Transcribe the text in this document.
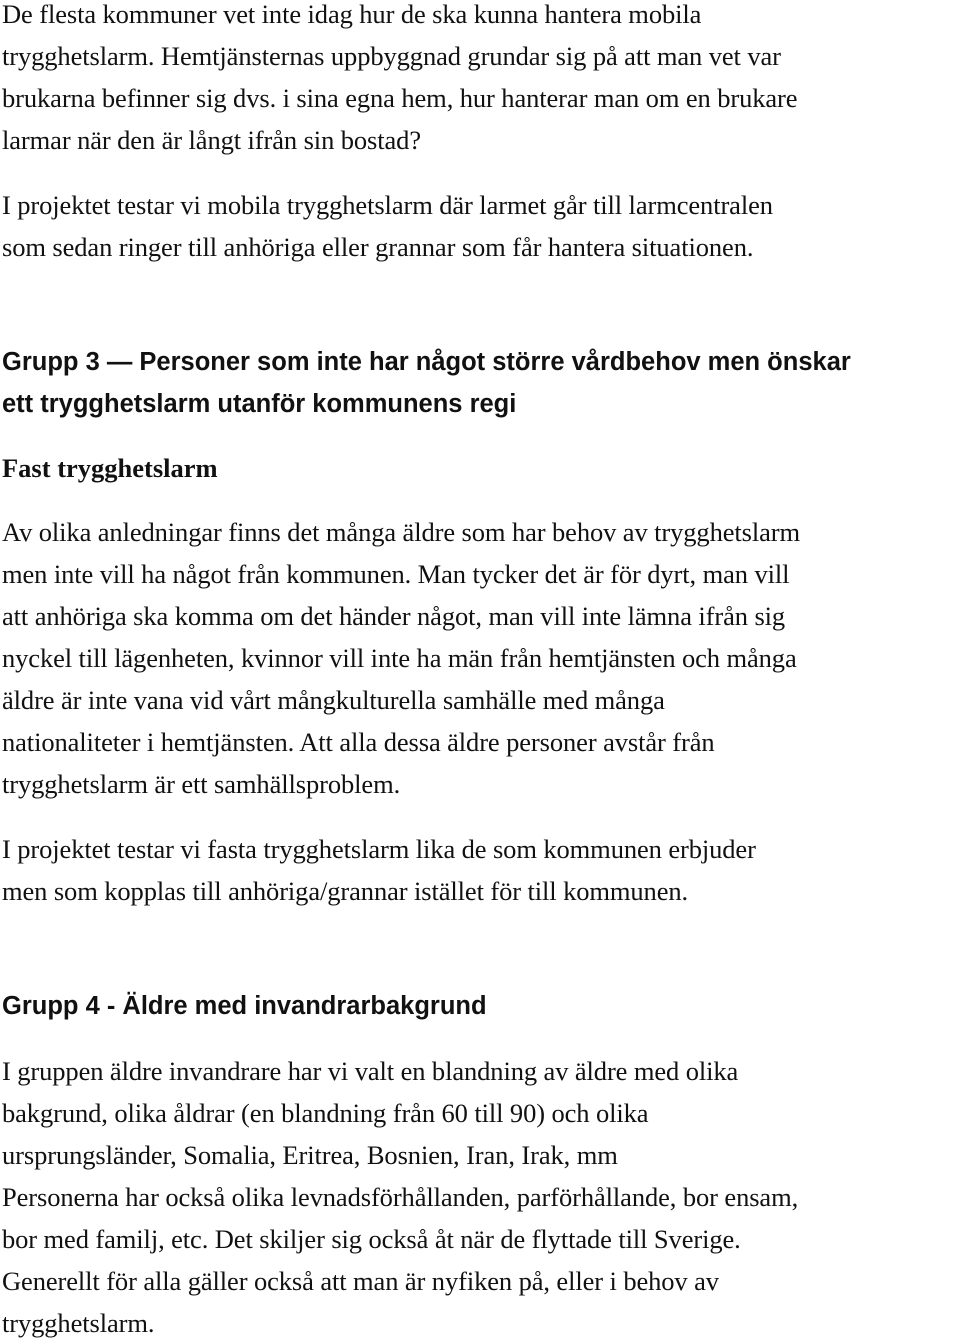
De flesta kommuner vet inte idag hur de ska kunna hantera mobila
trygghetslarm. Hemtjänsternas uppbyggnad grundar sig på att man vet var
brukarna befinner sig dvs. i sina egna hem, hur hanterar man om en brukare
larmar när den är långt ifrån sin bostad?

I projektet testar vi mobila trygghetslarm där larmet går till larmcentralen
som sedan ringer till anhöriga eller grannar som får hantera situationen.

Grupp 3 — Personer som inte har något större vårdbehov men önskar
ett trygghetslarm utanför kommunens regi
Fast trygghetslarm

Av olika anledningar finns det många äldre som har behov av trygghetslarm
men inte vill ha något från kommunen. Man tycker det är för dyrt, man vill
att anhöriga ska komma om det händer något, man vill inte lämna ifrån sig
nyckel till lägenheten, kvinnor vill inte ha män från hemtjänsten och många
äldre är inte vana vid vårt mångkulturella samhälle med många
nationaliteter i hemtjänsten. Att alla dessa äldre personer avstår från
trygghetslarm är ett samhällsproblem.

I projektet testar vi fasta trygghetslarm lika de som kommunen erbjuder
men som kopplas till anhöriga/grannar istället för till kommunen.

Grupp 4 - Äldre med invandrarbakgrund

I gruppen äldre invandrare har vi valt en blandning av äldre med olika
bakgrund, olika åldrar (en blandning från 60 till 90) och olika
ursprungsländer, Somalia, Eritrea, Bosnien, Iran, Irak, mm
Personerna har också olika levnadsförhållanden, parförhållande, bor ensam,
bor med familj, etc. Det skiljer sig också åt när de flyttade till Sverige.
Generellt för alla gäller också att man är nyfiken på, eller i behov av
trygghetslarm.
